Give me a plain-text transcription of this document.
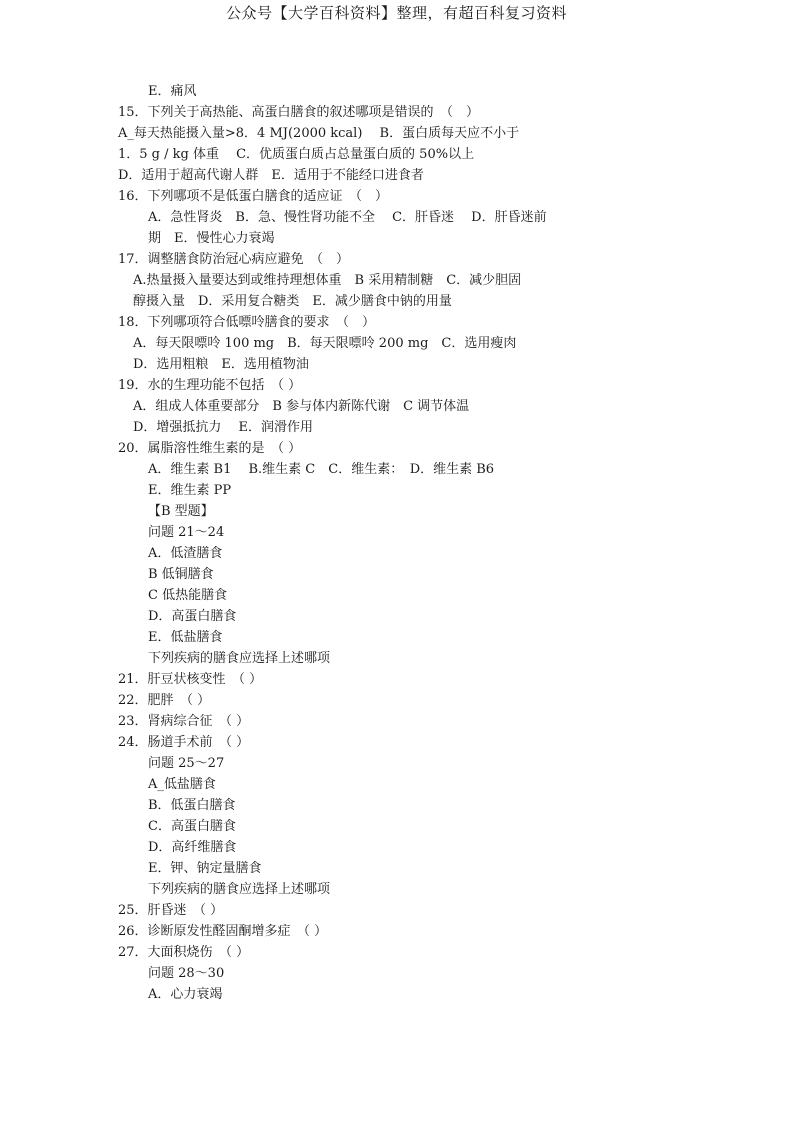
公众号【大学百科资料】整理，有超百科复习资料
E．痛风
15．下列关于高热能、高蛋白膳食的叙述哪项是错误的　（　）
A_每天热能摄入量>8．4 MJ(2000 kcal)　 B．蛋白质每天应不小于
1．5 g / kg 体重　 C．优质蛋白质占总量蛋白质的 50%以上
D．适用于超高代谢人群　E．适用于不能经口进食者
16．下列哪项不是低蛋白膳食的适应证　（　）
A．急性肾炎　B．急、慢性肾功能不全　 C．肝昏迷　 D．肝昏迷前
期　E．慢性心力衰竭
17．调整膳食防治冠心病应避免　（　）
A.热量摄入量要达到或维持理想体重　B 采用精制糖　C．减少胆固
醇摄入量　D．采用复合糖类　E．减少膳食中钠的用量
18．下列哪项符合低嘌呤膳食的要求　（　）
A．每天限嘌呤 100 mg　B．每天限嘌呤 200 mg　C．选用瘦肉
D．选用粗粮　E．选用植物油
19．水的生理功能不包括　（ ）
A．组成人体重要部分　B 参与体内新陈代谢　C 调节体温
D．增强抵抗力　 E．润滑作用
20．属脂溶性维生素的是　（ ）
A．维生素 B1　 B.维生素 C　C．维生素：　D．维生素 B6
E．维生素 PP
【B 型题】
问题 21～24
A．低渣膳食
B 低铜膳食
C 低热能膳食
D．高蛋白膳食
E．低盐膳食
下列疾病的膳食应选择上述哪项
21．肝豆状核变性　（ ）
22．肥胖　（ ）
23．肾病综合征　（ ）
24．肠道手术前　（ ）
问题 25～27
A_低盐膳食
B．低蛋白膳食
C．高蛋白膳食
D．高纤维膳食
E．钾、钠定量膳食
下列疾病的膳食应选择上述哪项
25．肝昏迷　（ ）
26．诊断原发性醛固酮增多症　（ ）
27．大面积烧伤　（ ）
问题 28～30
A．心力衰竭
